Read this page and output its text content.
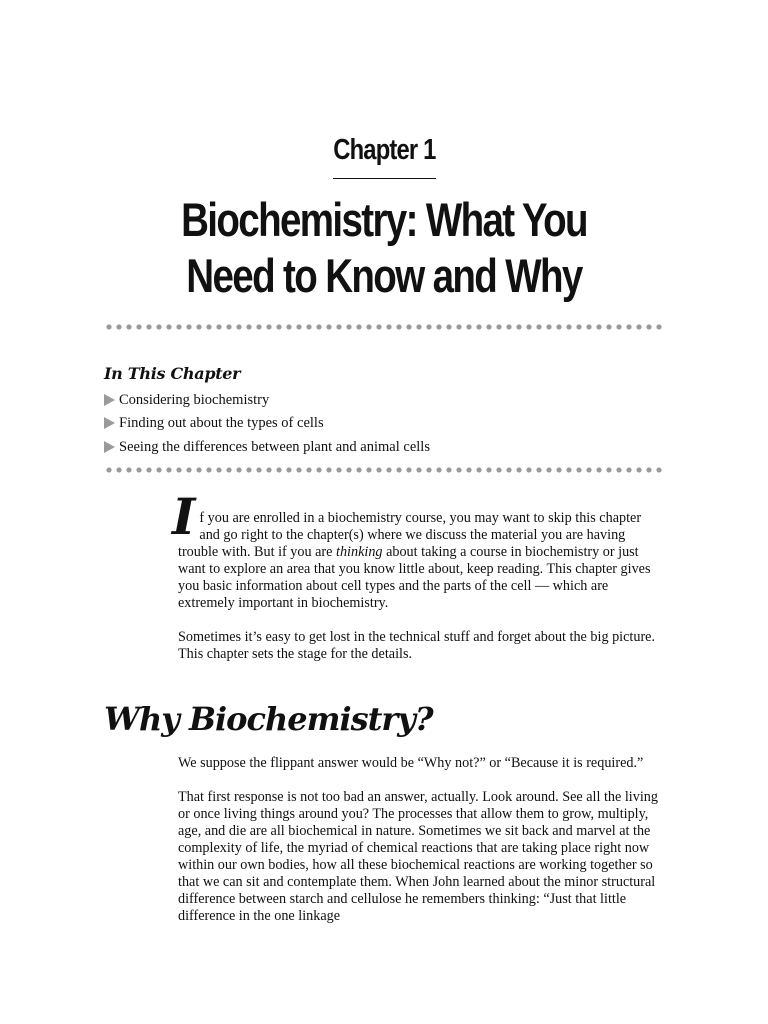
Chapter 1
Biochemistry: What You
Need to Know and Why
In This Chapter
Considering biochemistry
Finding out about the types of cells
Seeing the differences between plant and animal cells

If you are enrolled in a biochemistry course, you may want to skip this chapter and go right to the chapter(s) where we discuss the material you are having trouble with. But if you are thinking about taking a course in biochemistry or just want to explore an area that you know little about, keep reading. This chapter gives you basic information about cell types and the parts of the cell — which are extremely important in biochemistry.

Sometimes it’s easy to get lost in the technical stuff and forget about the big picture. This chapter sets the stage for the details.

Why Biochemistry?

We suppose the flippant answer would be “Why not?” or “Because it is required.”

That first response is not too bad an answer, actually. Look around. See all the living or once living things around you? The processes that allow them to grow, multiply, age, and die are all biochemical in nature. Sometimes we sit back and marvel at the complexity of life, the myriad of chemical reactions that are taking place right now within our own bodies, how all these biochemical reactions are working together so that we can sit and contemplate them. When John learned about the minor structural difference between starch and cellulose he remembers thinking: “Just that little difference in the one linkage
